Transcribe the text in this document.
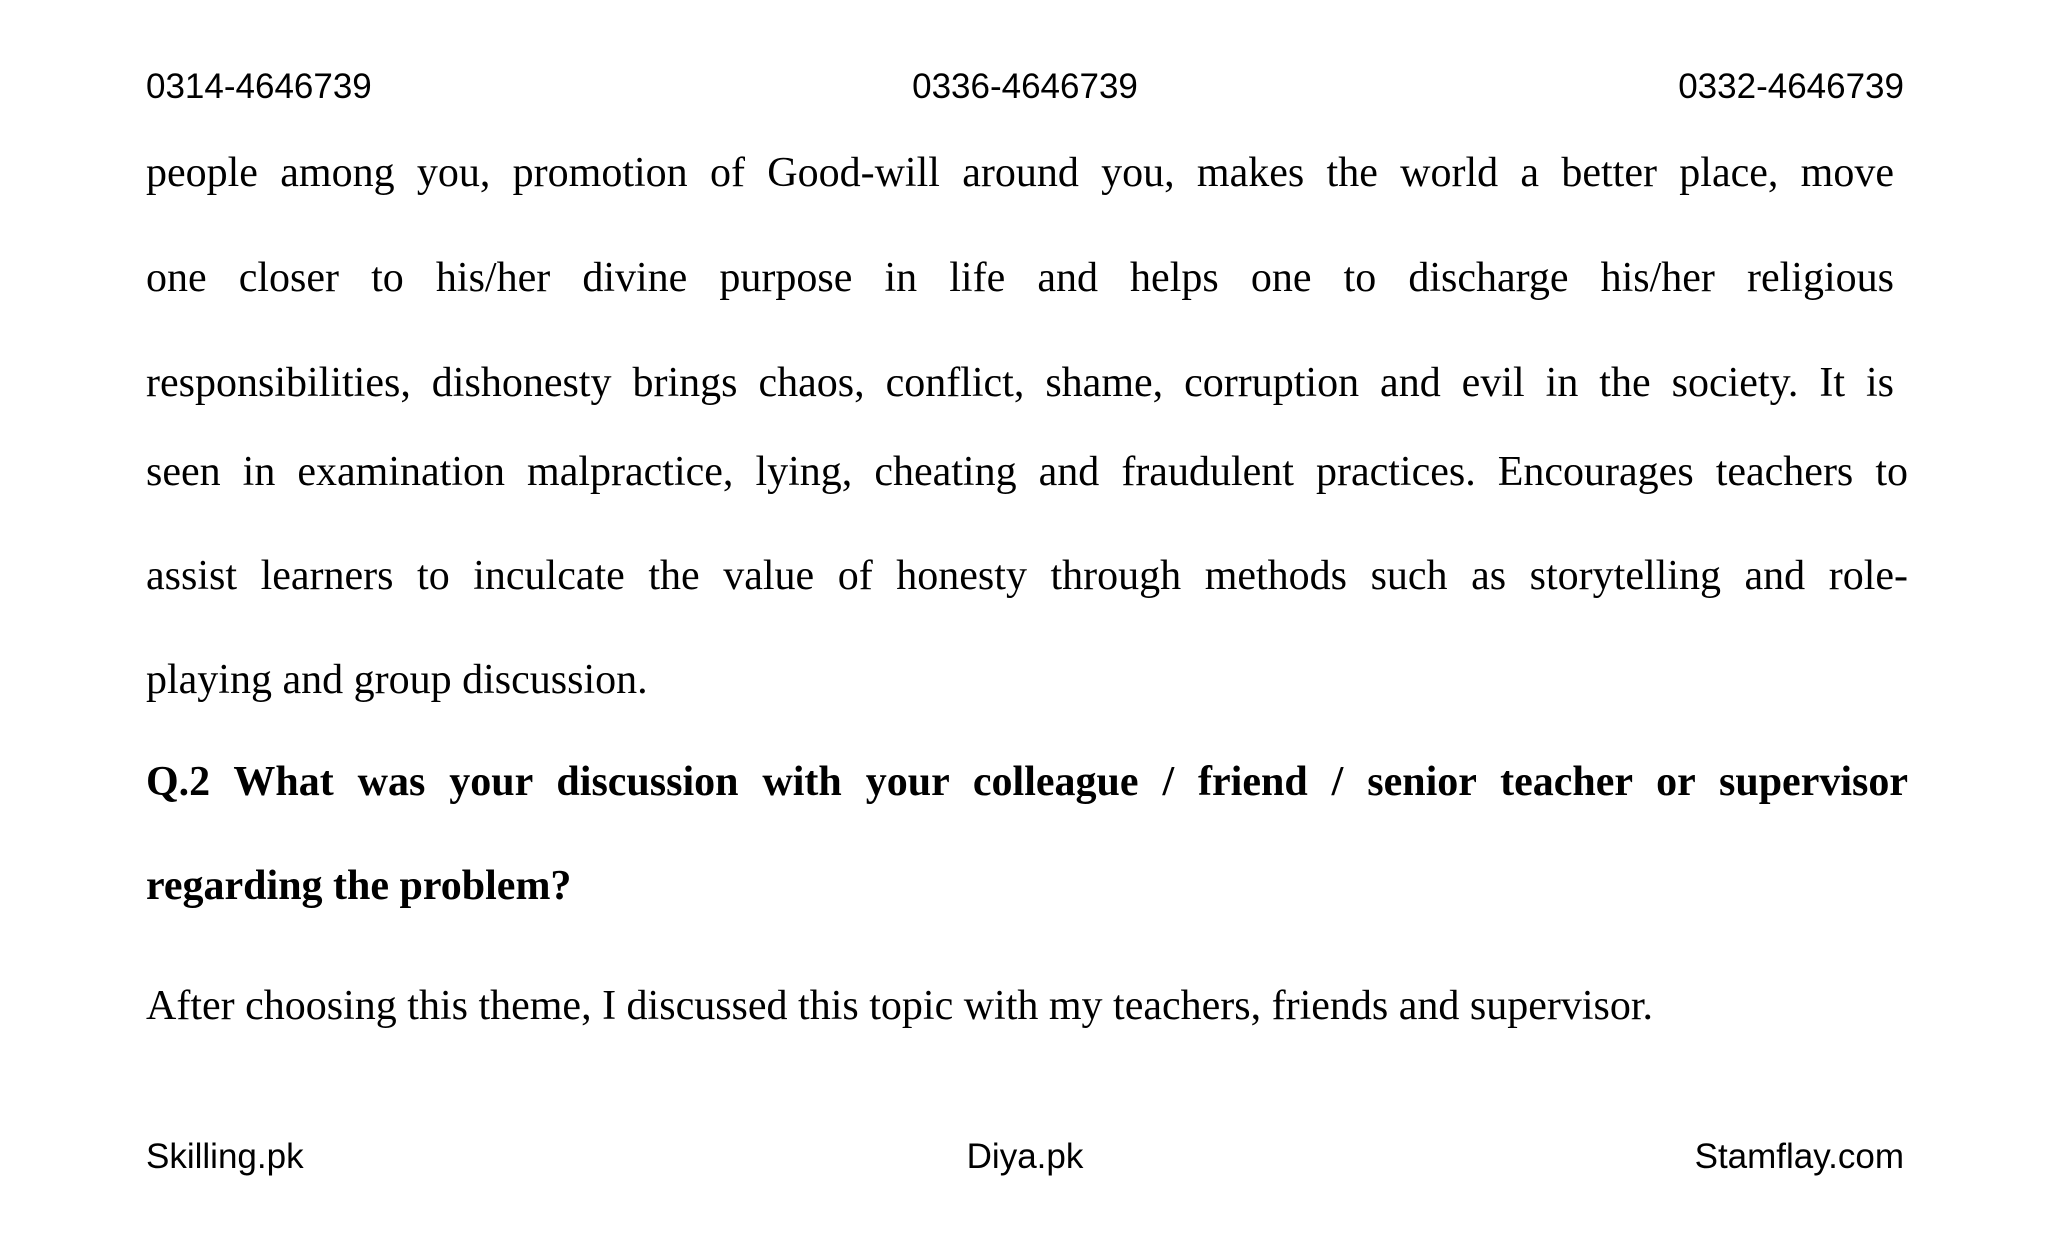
0314-4646739	0336-4646739	0332-4646739
people among you, promotion of Good-will around you, makes the world a better place, move
one closer to his/her divine purpose in life and helps one to discharge his/her religious
responsibilities, dishonesty brings chaos, conflict, shame, corruption and evil in the society. It is
seen in examination malpractice, lying, cheating and fraudulent practices. Encourages teachers to
assist learners to inculcate the value of honesty through methods such as storytelling and role-
playing and group discussion.
Q.2 What was your discussion with your colleague / friend / senior teacher or supervisor
regarding the problem?
After choosing this theme, I discussed this topic with my teachers, friends and supervisor.
Skilling.pk	Diya.pk	Stamflay.com
